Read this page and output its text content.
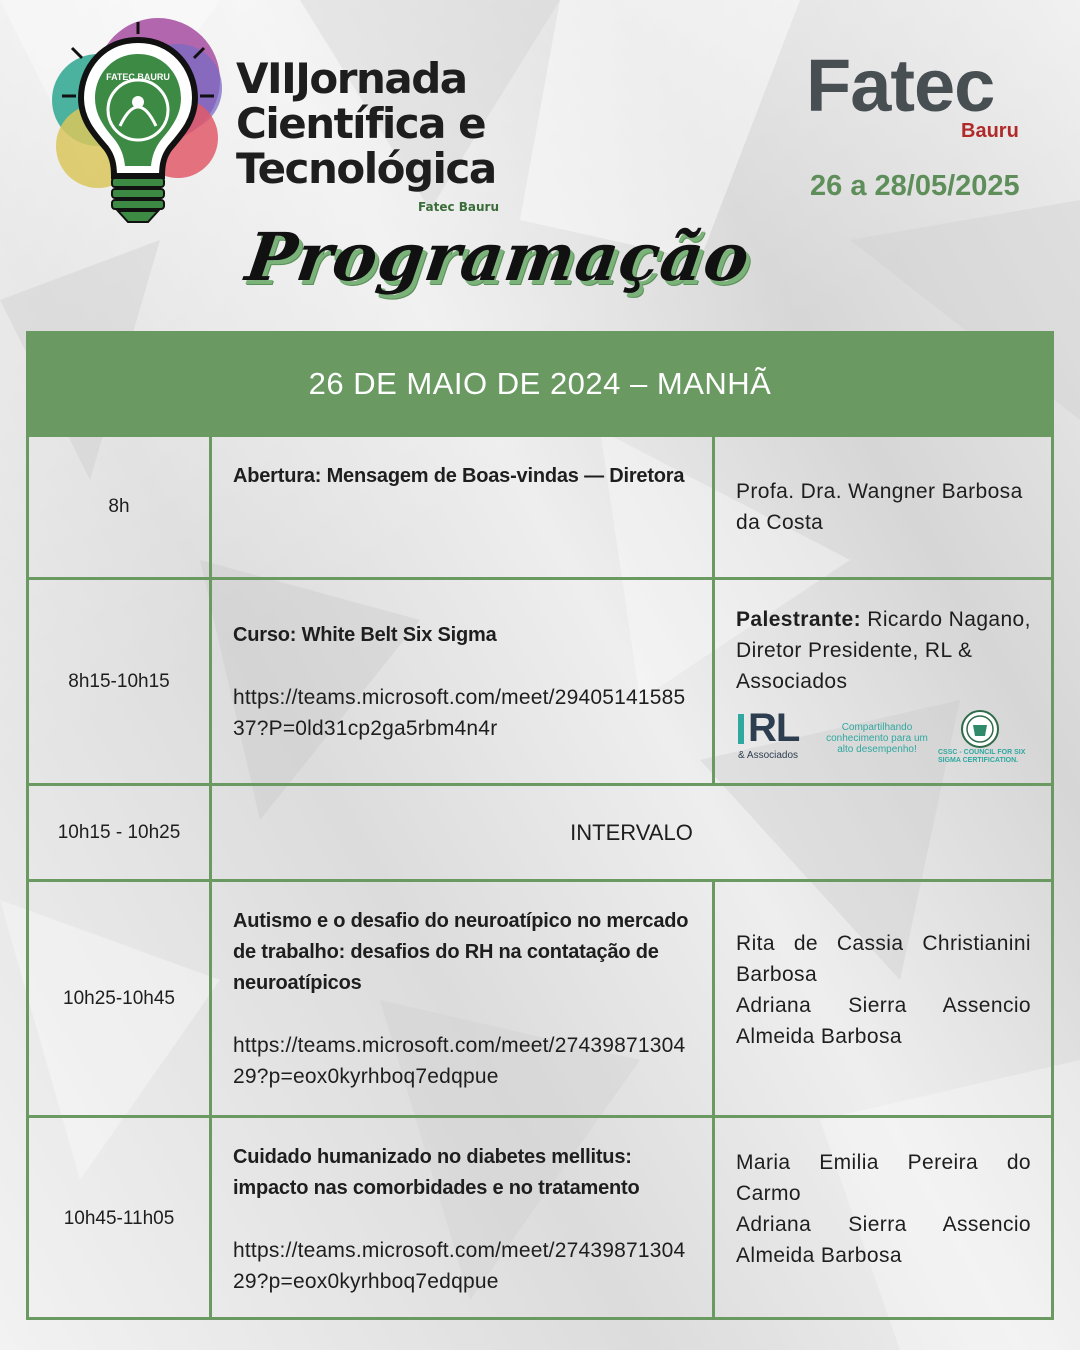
FATEC BAURU VIIJornada
Científica e
Tecnológica
Fatec Bauru
Fatec
Bauru
26 a 28/05/2025
Programação
26 DE MAIO DE 2024 – MANHÃ
8h
Abertura: Mensagem de Boas-vindas — Diretora
Profa. Dra. Wangner Barbosa da Costa
8h15-10h15
Curso: White Belt Six Sigma
https://teams.microsoft.com/meet/2940514158537?P=0ld31cp2ga5rbm4n4r
Palestrante: Ricardo Nagano, Diretor Presidente, RL & Associados
RL
& Associados
Compartilhando conhecimento para um alto desempenho!	CSSC - COUNCIL FOR SIX SIGMA CERTIFICATION.
10h15 - 10h25	INTERVALO
10h25-10h45
Autismo e o desafio do neuroatípico no mercado de trabalho: desafios do RH na contatação de neuroatípicos
https://teams.microsoft.com/meet/2743987130429?p=eox0kyrhboq7edqpue
Rita de Cassia Christianini Barbosa
Adriana Sierra Assencio Almeida Barbosa
10h45-11h05
Cuidado humanizado no diabetes mellitus: impacto nas comorbidades e no tratamento
https://teams.microsoft.com/meet/2743987130429?p=eox0kyrhboq7edqpue
Maria Emilia Pereira do Carmo
Adriana Sierra Assencio Almeida Barbosa
